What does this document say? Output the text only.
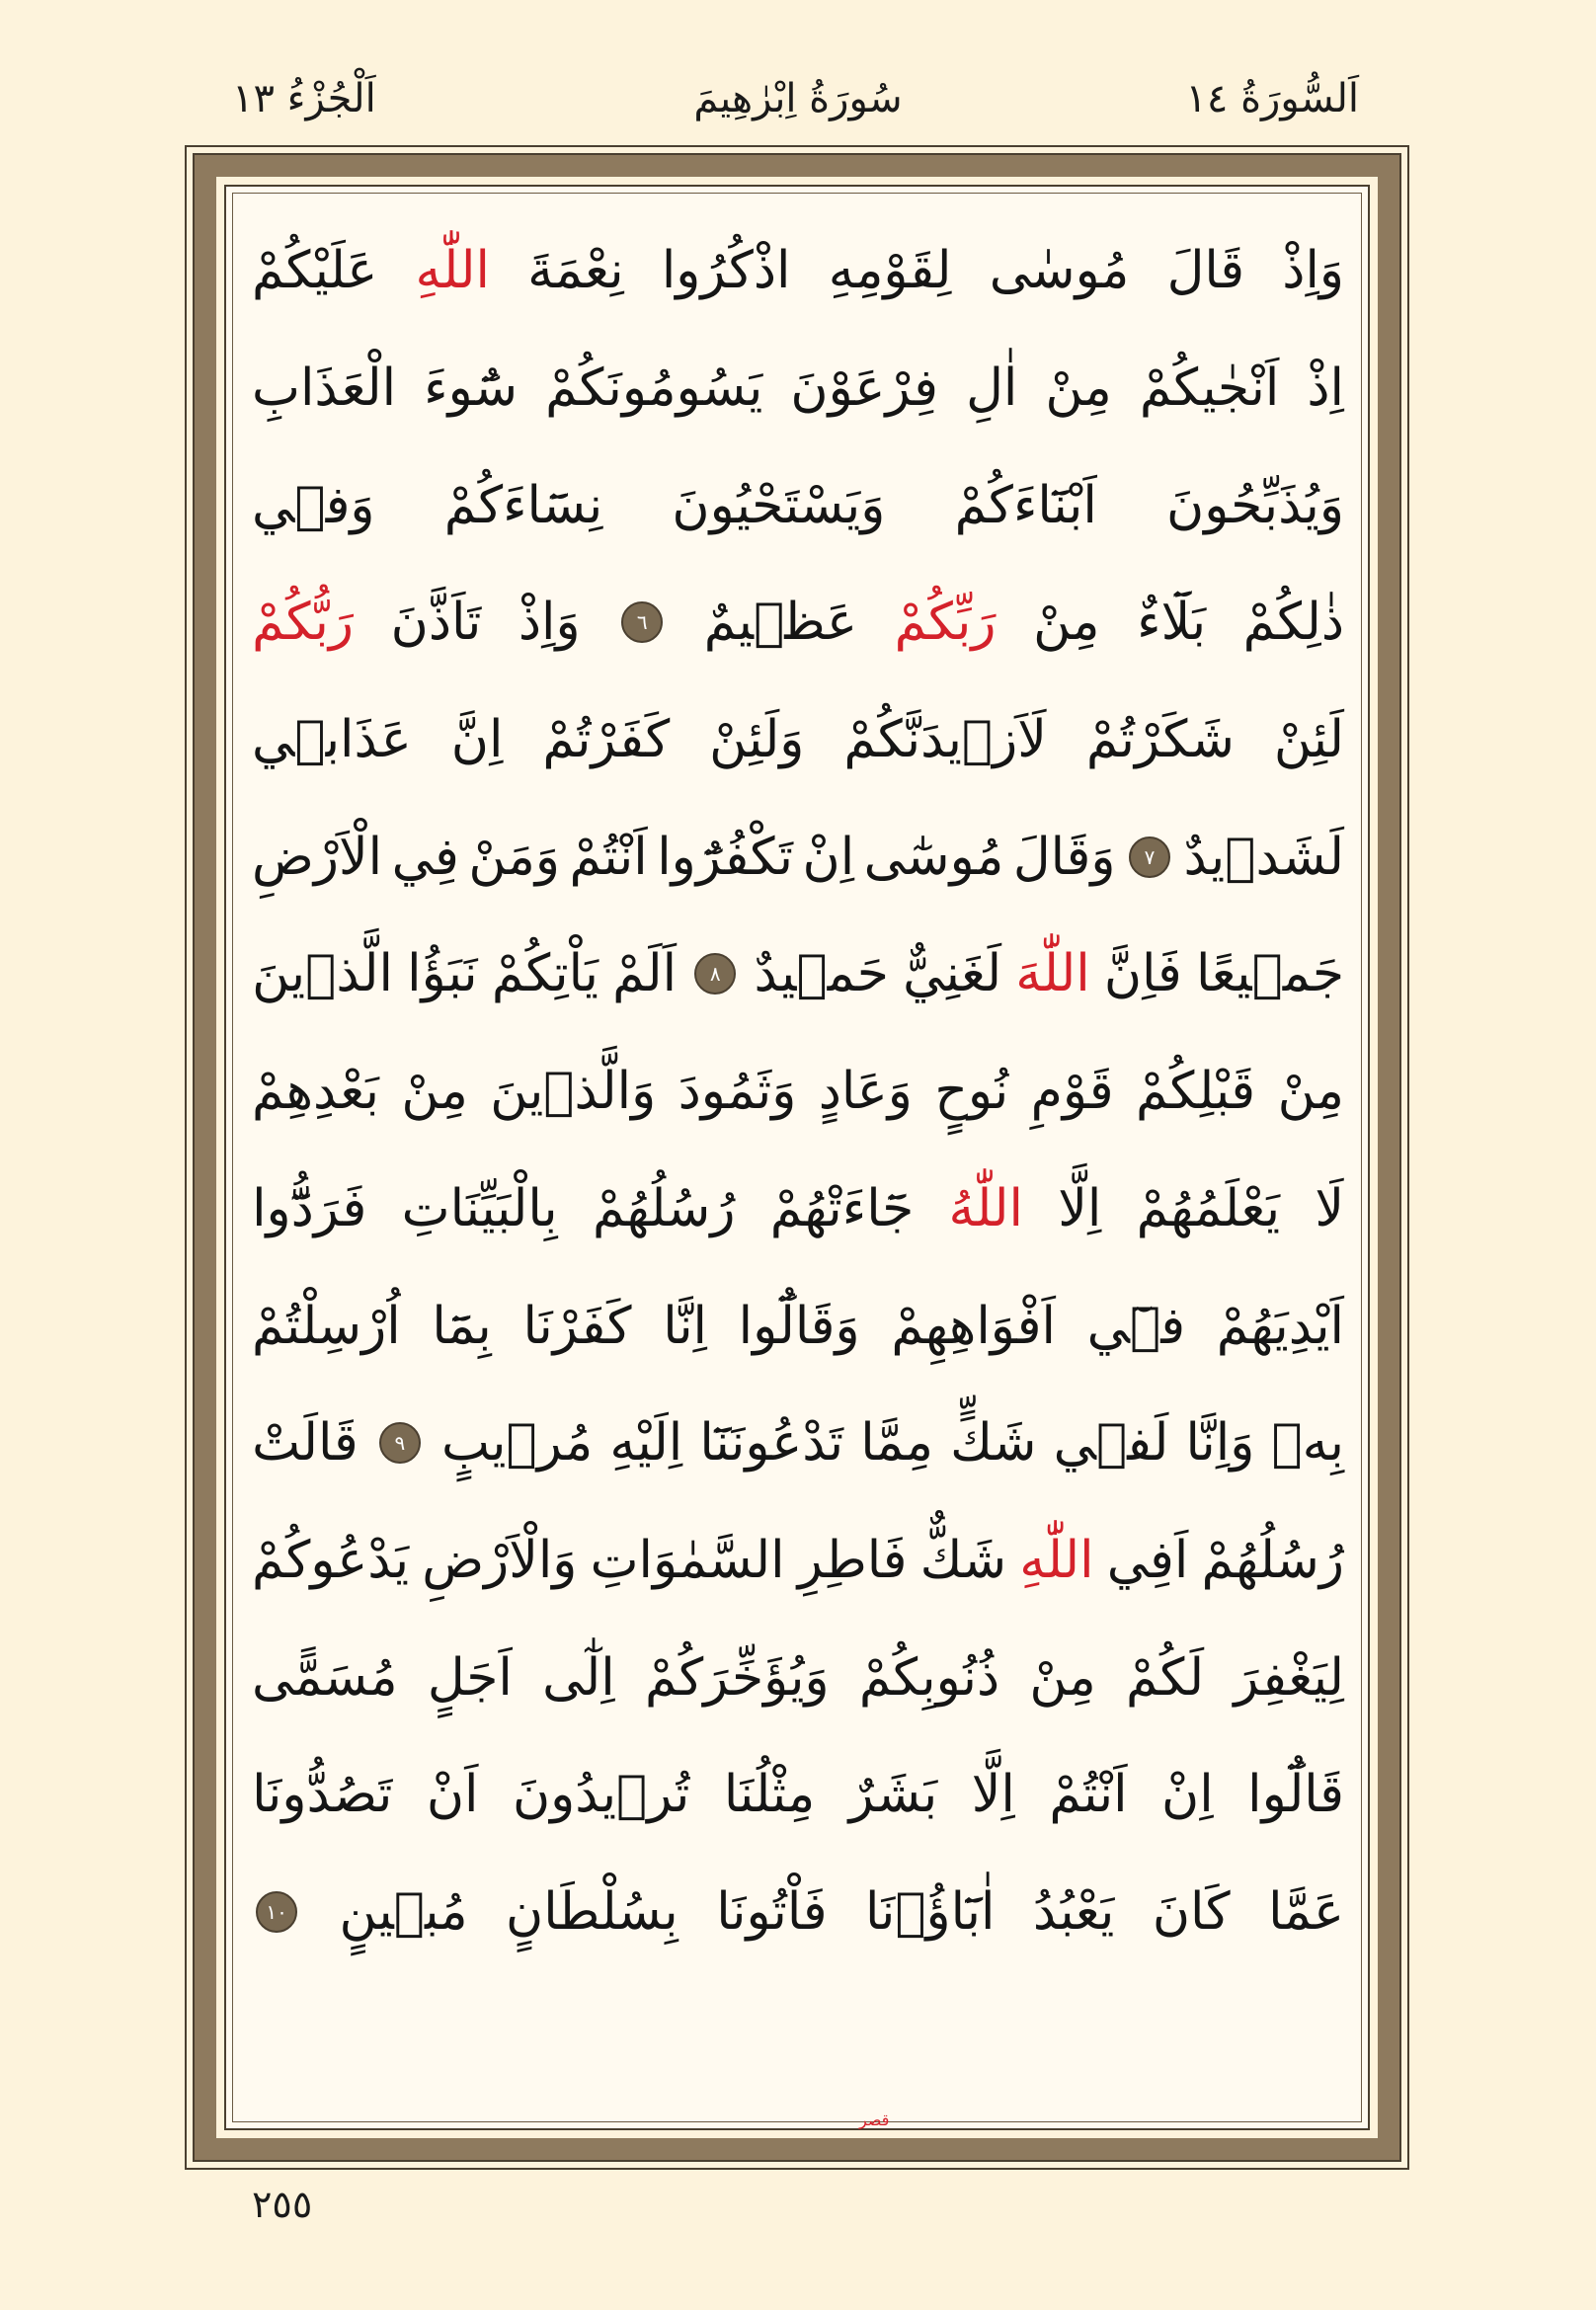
اَلسُّورَةُ ١٤
سُورَةُ اِبْرٰهِيمَ
اَلْجُزْءُ ١٣
وَاِذْ
قَالَ
مُوسٰى
لِقَوْمِهِ
اذْكُرُوا
نِعْمَةَ
اللّٰهِ
عَلَيْكُمْ
اِذْ
اَنْجٰيكُمْ
مِنْ
اٰلِ
فِرْعَوْنَ
يَسُومُونَكُمْ
سُٓوءَ
الْعَذَابِ
وَيُذَبِّحُونَ
اَبْنَٓاءَكُمْ
وَيَسْتَحْيُونَ
نِسَٓاءَكُمْ
وَفٖي
ذٰلِكُمْ
بَلَٓاءٌ
مِنْ
رَبِّكُمْ
عَظٖيمٌ
٦
وَاِذْ
تَاَذَّنَ
رَبُّكُمْ
لَئِنْ
شَكَرْتُمْ
لَاَزٖيدَنَّكُمْ
وَلَئِنْ
كَفَرْتُمْ
اِنَّ
عَذَابٖي
لَشَدٖيدٌ
٧
وَقَالَ
مُوسٰٓى
اِنْ
تَكْفُرُٓوا
اَنْتُمْ
وَمَنْ
فِي
الْاَرْضِ
جَمٖيعًا
فَاِنَّ
اللّٰهَ
لَغَنِيٌّ
حَمٖيدٌ
٨
اَلَمْ
يَاْتِكُمْ
نَبَؤُا
الَّذٖينَ
مِنْ
قَبْلِكُمْ
قَوْمِ
نُوحٍ
وَعَادٍ
وَثَمُودَ
وَالَّذٖينَ
مِنْ
بَعْدِهِمْ
لَا
يَعْلَمُهُمْ
اِلَّا
اللّٰهُ
جَٓاءَتْهُمْ
رُسُلُهُمْ
بِالْبَيِّنَاتِ
فَرَدُّٓوا
اَيْدِيَهُمْ
فٖٓي
اَفْوَاهِهِمْ
وَقَالُٓوا
اِنَّا
كَفَرْنَا
بِمَٓا
اُرْسِلْتُمْ
بِهٖ
وَاِنَّا
لَفٖي
شَكٍّ
مِمَّا
تَدْعُونَنَٓا
اِلَيْهِ
مُرٖيبٍ
٩
قَالَتْ
رُسُلُهُمْ
اَفِي
اللّٰهِ
شَكٌّ
فَاطِرِ
السَّمٰوَاتِ
وَالْاَرْضِ
يَدْعُوكُمْ
لِيَغْفِرَ
لَكُمْ
مِنْ
ذُنُوبِكُمْ
وَيُؤَخِّرَكُمْ
اِلٰٓى
اَجَلٍ
مُسَمًّى
قَالُٓوا
اِنْ
اَنْتُمْ
اِلَّا
بَشَرٌ
مِثْلُنَا
تُرٖيدُونَ
اَنْ
تَصُدُّونَا
عَمَّا
كَانَ
يَعْبُدُ
اٰبَٓاؤُ۬نَا
فَاْتُونَا
بِسُلْطَانٍ
مُبٖينٍ
١٠
قصر
٢٥٥
